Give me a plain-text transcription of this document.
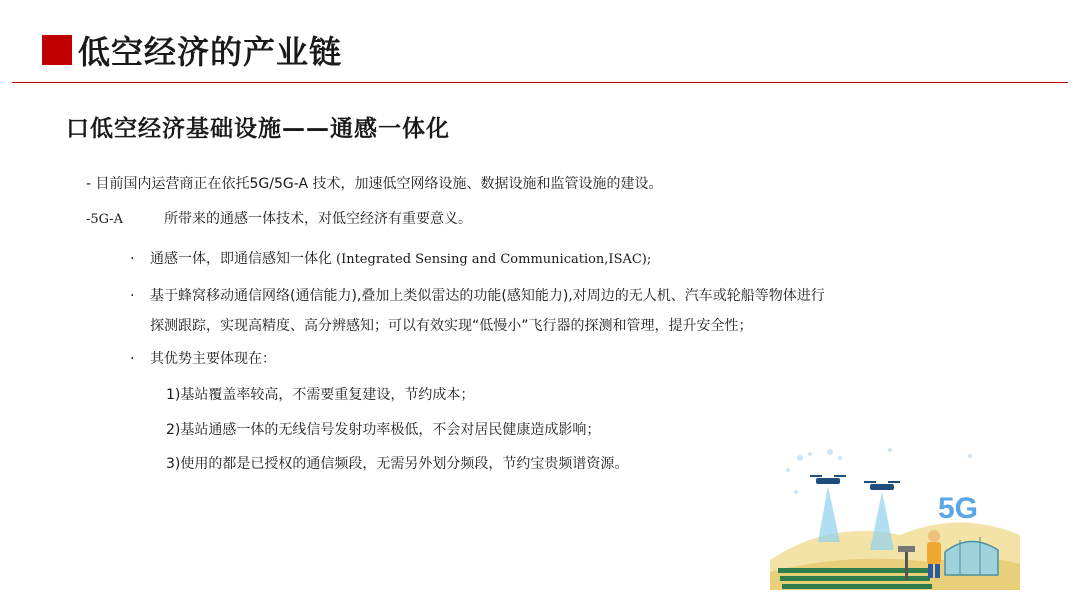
低空经济的产业链
口低空经济基础设施——通感一体化
- 目前国内运营商正在依托5G/5G-A 技术，加速低空网络设施、数据设施和监管设施的建设。
-5G-A	所带来的通感一体技术，对低空经济有重要意义。
· 通感一体，即通信感知一体化 (Integrated Sensing and Communication,ISAC);
· 基于蜂窝移动通信网络(通信能力),叠加上类似雷达的功能(感知能力),对周边的无人机、汽车或轮船等物体进行
探测跟踪，实现高精度、高分辨感知；可以有效实现“低慢小”飞行器的探测和管理，提升安全性；
· 其优势主要体现在：
1)基站覆盖率较高，不需要重复建设，节约成本；
2)基站通感一体的无线信号发射功率极低，不会对居民健康造成影响；
3)使用的都是已授权的通信频段，无需另外划分频段，节约宝贵频谱资源。
5G
